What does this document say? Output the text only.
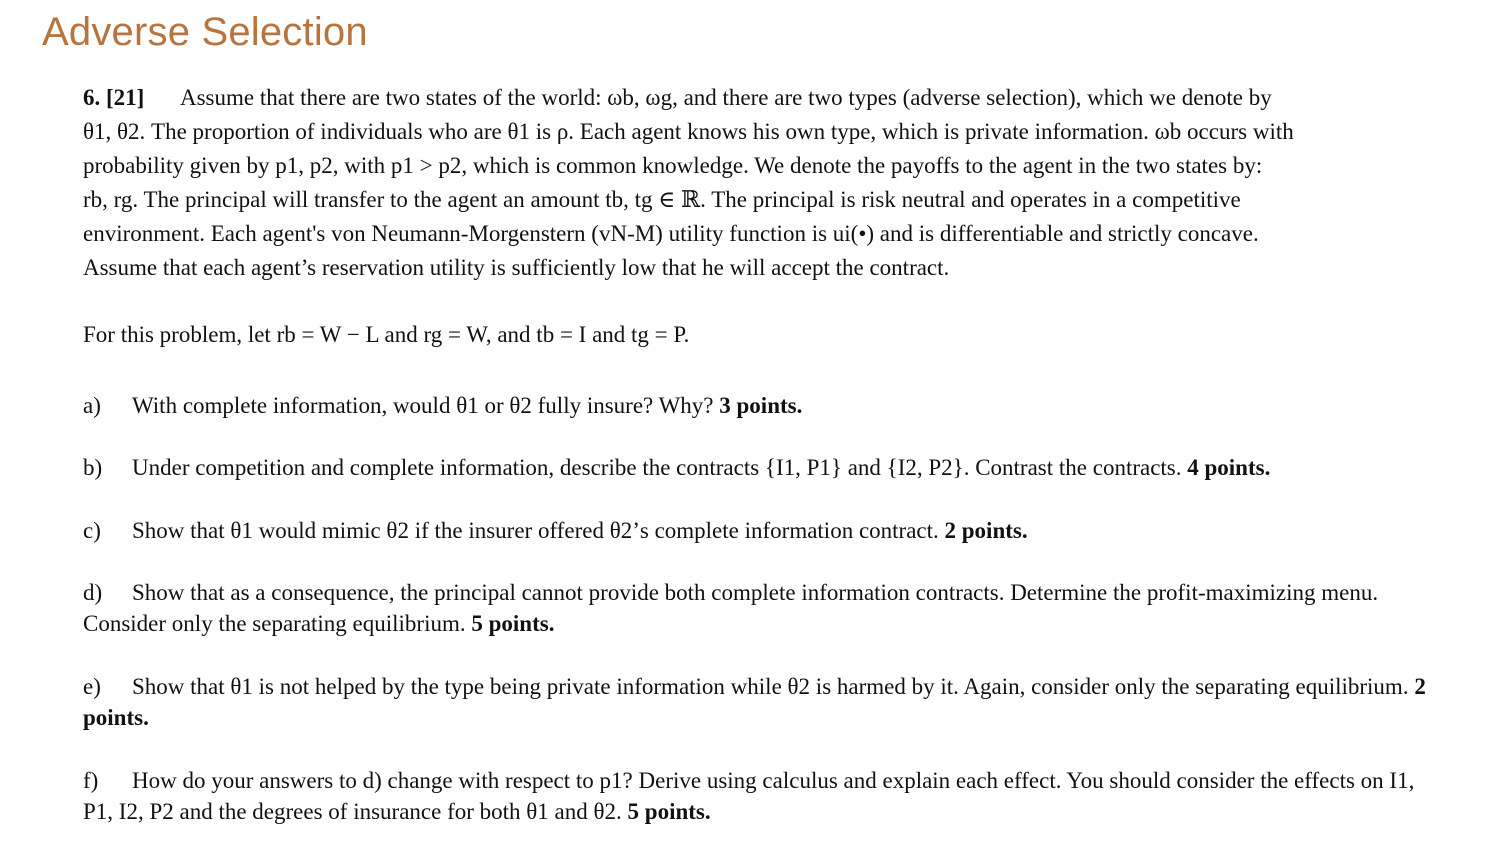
Adverse Selection
6. [21] Assume that there are two states of the world: ωb, ωg, and there are two types (adverse selection), which we denote by
θ1, θ2. The proportion of individuals who are θ1 is ρ. Each agent knows his own type, which is private information. ωb occurs with
probability given by p1, p2, with p1 > p2, which is common knowledge. We denote the payoffs to the agent in the two states by:
rb, rg. The principal will transfer to the agent an amount tb, tg ∈ ℝ. The principal is risk neutral and operates in a competitive
environment. Each agent's von Neumann-Morgenstern (vN-M) utility function is ui(•) and is differentiable and strictly concave.
Assume that each agent’s reservation utility is sufficiently low that he will accept the contract.
For this problem, let rb = W − L and rg = W, and tb = I and tg = P.
a) With complete information, would θ1 or θ2 fully insure? Why? 3 points.
b) Under competition and complete information, describe the contracts {I1, P1} and {I2, P2}. Contrast the contracts. 4 points.
c) Show that θ1 would mimic θ2 if the insurer offered θ2’s complete information contract. 2 points.
d) Show that as a consequence, the principal cannot provide both complete information contracts. Determine the profit-maximizing menu. Consider only the separating equilibrium. 5 points.
e) Show that θ1 is not helped by the type being private information while θ2 is harmed by it. Again, consider only the separating equilibrium. 2 points.
f) How do your answers to d) change with respect to p1? Derive using calculus and explain each effect. You should consider the effects on I1, P1, I2, P2 and the degrees of insurance for both θ1 and θ2. 5 points.
